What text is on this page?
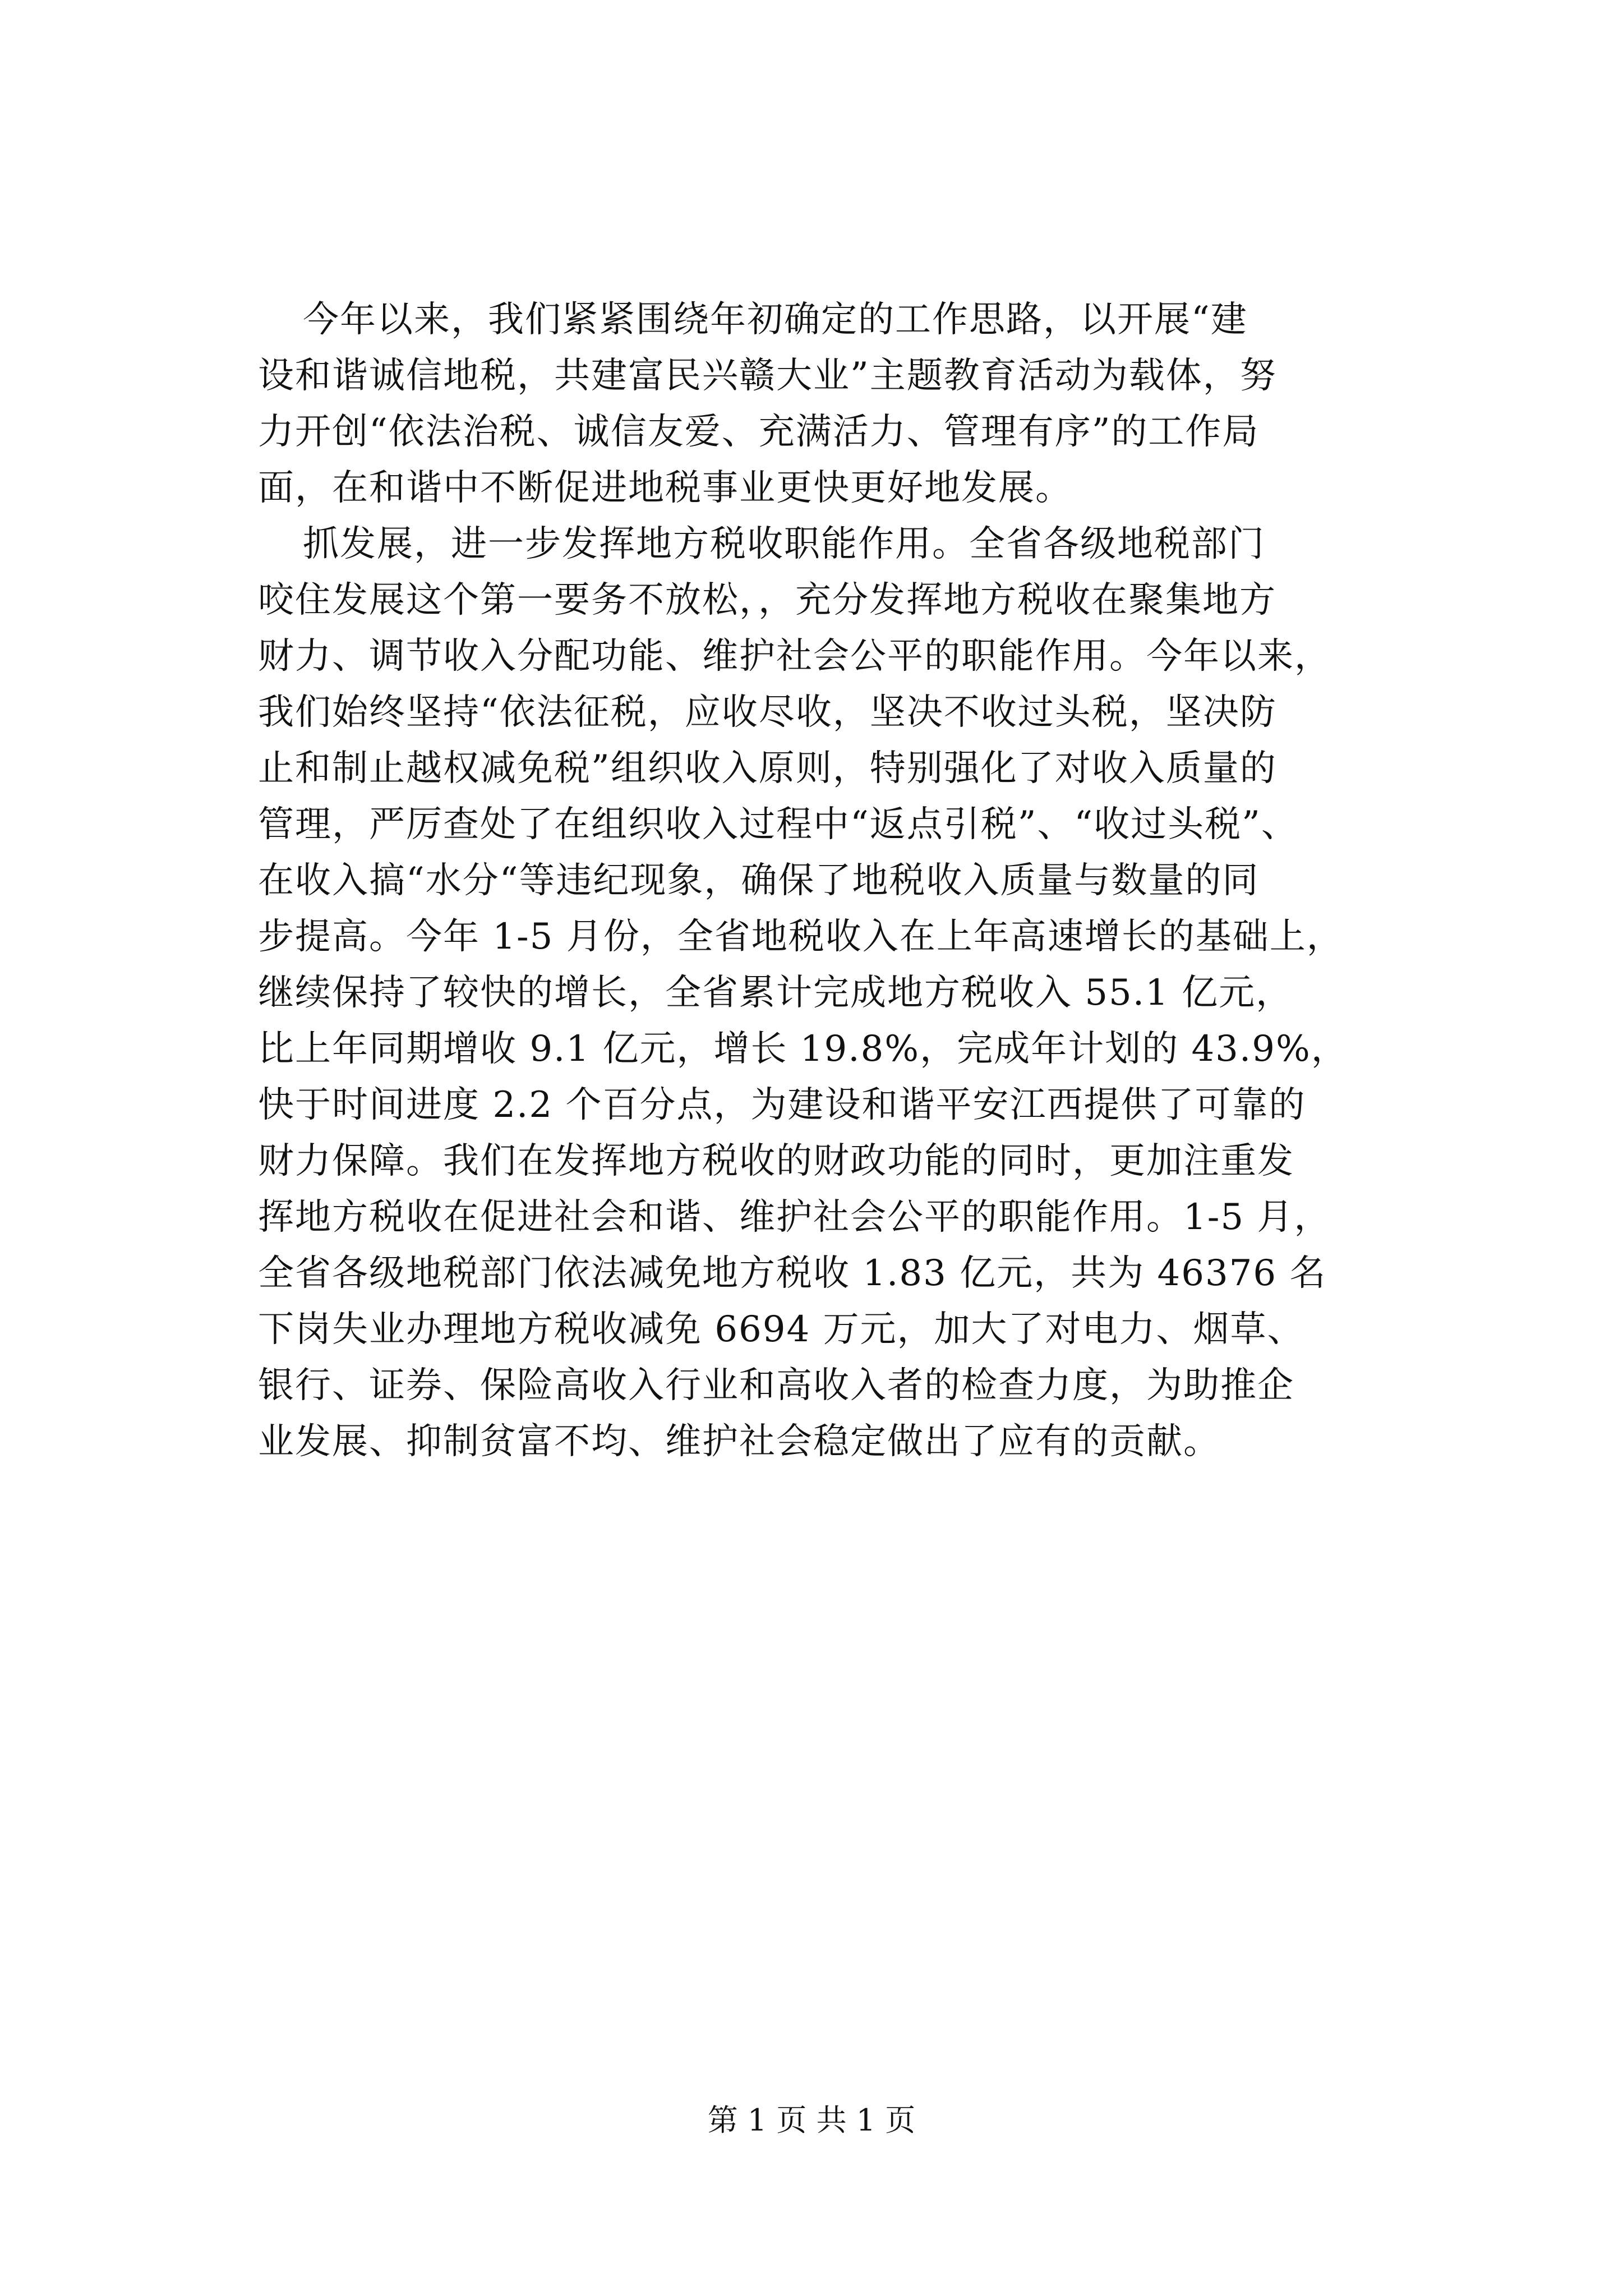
今年以来，我们紧紧围绕年初确定的工作思路，以开展“建
设和谐诚信地税，共建富民兴赣大业”主题教育活动为载体，努
力开创“依法治税、诚信友爱、充满活力、管理有序”的工作局
面，在和谐中不断促进地税事业更快更好地发展。
抓发展，进一步发挥地方税收职能作用。全省各级地税部门
咬住发展这个第一要务不放松，，充分发挥地方税收在聚集地方
财力、调节收入分配功能、维护社会公平的职能作用。今年以来，
我们始终坚持“依法征税，应收尽收，坚决不收过头税，坚决防
止和制止越权减免税”组织收入原则，特别强化了对收入质量的
管理，严厉查处了在组织收入过程中“返点引税”、“收过头税”、
在收入搞“水分“等违纪现象，确保了地税收入质量与数量的同
步提高。今年 1-5 月份，全省地税收入在上年高速增长的基础上，
继续保持了较快的增长，全省累计完成地方税收入 55.1 亿元，
比上年同期增收 9.1 亿元，增长 19.8%，完成年计划的 43.9%，
快于时间进度 2.2 个百分点，为建设和谐平安江西提供了可靠的
财力保障。我们在发挥地方税收的财政功能的同时，更加注重发
挥地方税收在促进社会和谐、维护社会公平的职能作用。1-5 月，
全省各级地税部门依法减免地方税收 1.83 亿元，共为 46376 名
下岗失业办理地方税收减免 6694 万元，加大了对电力、烟草、
银行、证券、保险高收入行业和高收入者的检查力度，为助推企
业发展、抑制贫富不均、维护社会稳定做出了应有的贡献。
第 1 页 共 1 页
